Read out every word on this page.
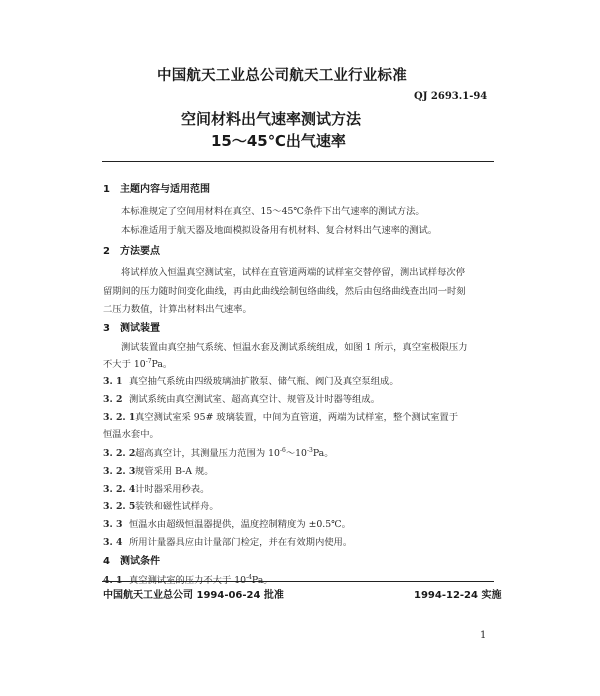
中国航天工业总公司航天工业行业标准
QJ 2693.1-94
空间材料出气速率测试方法
15～45℃出气速率
1 主题内容与适用范围
本标准规定了空间用材料在真空、15～45℃条件下出气速率的测试方法。
本标准适用于航天器及地面模拟设备用有机材料、复合材料出气速率的测试。
2 方法要点
将试样放入恒温真空测试室，试样在直管道两端的试样室交替停留，测出试样每次停
留期间的压力随时间变化曲线，再由此曲线绘制包络曲线，然后由包络曲线查出同一时刻
二压力数值，计算出材料出气速率。
3 测试装置
测试装置由真空抽气系统、恒温水套及测试系统组成，如图 1 所示，真空室极限压力
不大于 $10^{-7}Pa$。
3. 1 真空抽气系统由四级玻璃油扩散泵、储气瓶、阀门及真空泵组成。
3. 2 测试系统由真空测试室、超高真空计、规管及计时器等组成。
3. 2. 1真空测试室采 95# 玻璃装置，中间为直管道，两端为试样室，整个测试室置于
恒温水套中。
3. 2. 2超高真空计，其测量压力范围为 $10^{-6}\sim 10^{-3}Pa$。
3. 2. 3规管采用 B-A 规。
3. 2. 4计时器采用秒表。
3. 2. 5装铁和磁性试样舟。
3. 3 恒温水由超级恒温器提供，温度控制精度为 ±0.5℃。
3. 4 所用计量器具应由计量部门检定，并在有效期内使用。
4 测试条件
4. 1 真空测试室的压力不大于 $10^{-4}Pa$。
中国航天工业总公司 1994-06-24 批准	1994-12-24 实施
1
